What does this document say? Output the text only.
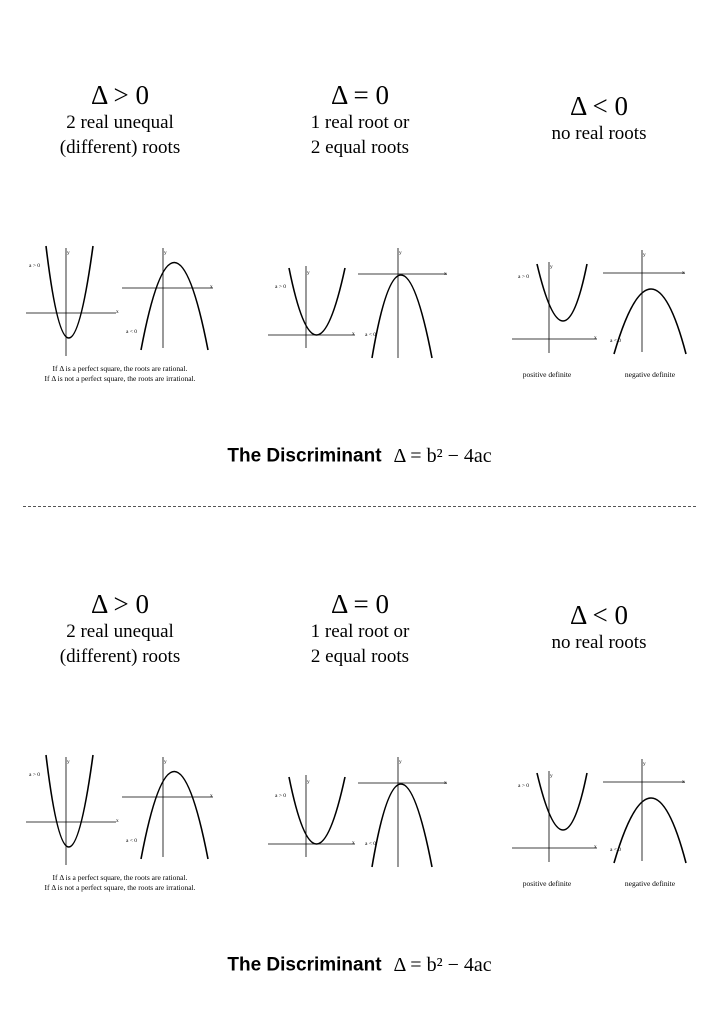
Δ > 0
2 real unequal
(different) roots
Δ = 0
1 real root or
2 equal roots
Δ < 0
no real roots
a > 0
a < 0
a > 0
a < 0
a > 0
a < 0
x
y
x
y
x
y	x
y
x
y
x
y
If Δ is a perfect square, the roots are rational.
If Δ is not a perfect square, the roots are irrational.	positive definite	negative definite
The Discriminant Δ = b² − 4ac
Δ > 0
2 real unequal
(different) roots
Δ = 0
1 real root or
2 equal roots
Δ < 0
no real roots
a > 0
a < 0
a > 0
a < 0
a > 0
a < 0
x
y
x
y
x
y	x
y
x
y
x
y
If Δ is a perfect square, the roots are rational.
If Δ is not a perfect square, the roots are irrational.	positive definite	negative definite
The Discriminant Δ = b² − 4ac
